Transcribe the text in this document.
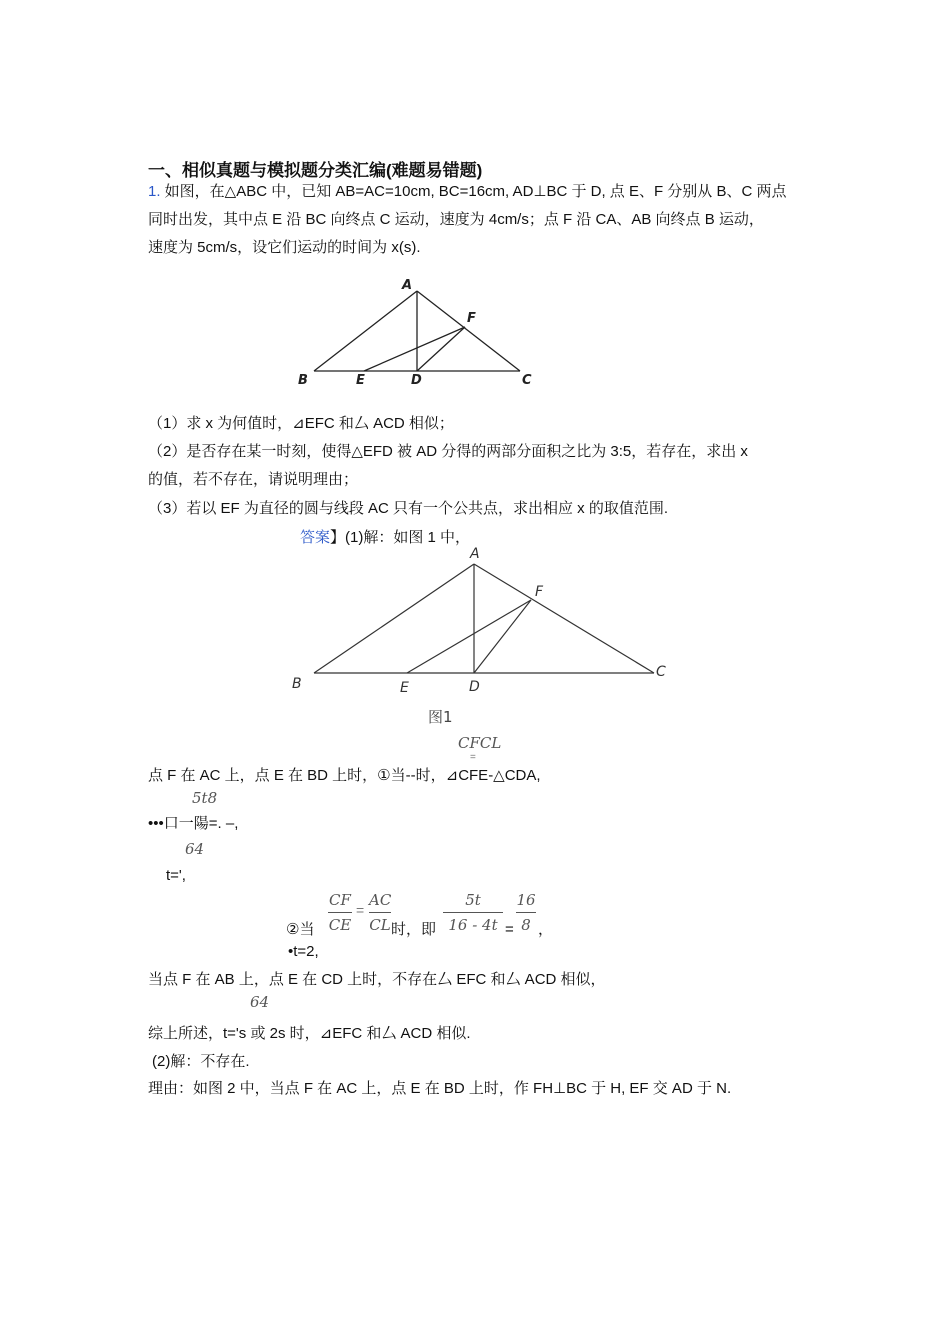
一、相似真题与模拟题分类汇编(难题易错题)
1. 如图，在△ABC 中，已知 AB=AC=10cm, BC=16cm, AD⊥BC 于 D, 点 E、F 分别从 B、C 两点
同时出发，其中点 E 沿 BC 向终点 C 运动，速度为 4cm/s；点 F 沿 CA、AB 向终点 B 运动，
速度为 5cm/s，设它们运动的时间为 x(s).
A
B	C
D
E
F
（1）求 x 为何值时，⊿EFC 和厶 ACD 相似；
（2）是否存在某一时刻，使得△EFD 被 AD 分得的两部分面积之比为 3:5，若存在，求出 x
的值，若不存在，请说明理由；
（3）若以 EF 为直径的圆与线段 AC 只有一个公共点，求出相应 x 的取值范围.
答案】(1)解：如图 1 中，
A
B
C
D
E
F
图1
CFCL
=
点 F 在 AC 上，点 E 在 BD 上时，①当--时，⊿CFE-△CDA,
5t8
•••口一陽=. –,
64
t=',
②当
CF
CE
=
AC
CL 时，即
5t
16 - 4t =
16
8 ，
•t=2,
当点 F 在 AB 上，点 E 在 CD 上时，不存在厶 EFC 和厶 ACD 相似，
64
综上所述，t='s 或 2s 时，⊿EFC 和厶 ACD 相似.
(2)解：不存在.
理由：如图 2 中，当点 F 在 AC 上，点 E 在 BD 上时，作 FH⊥BC 于 H, EF 交 AD 于 N.
